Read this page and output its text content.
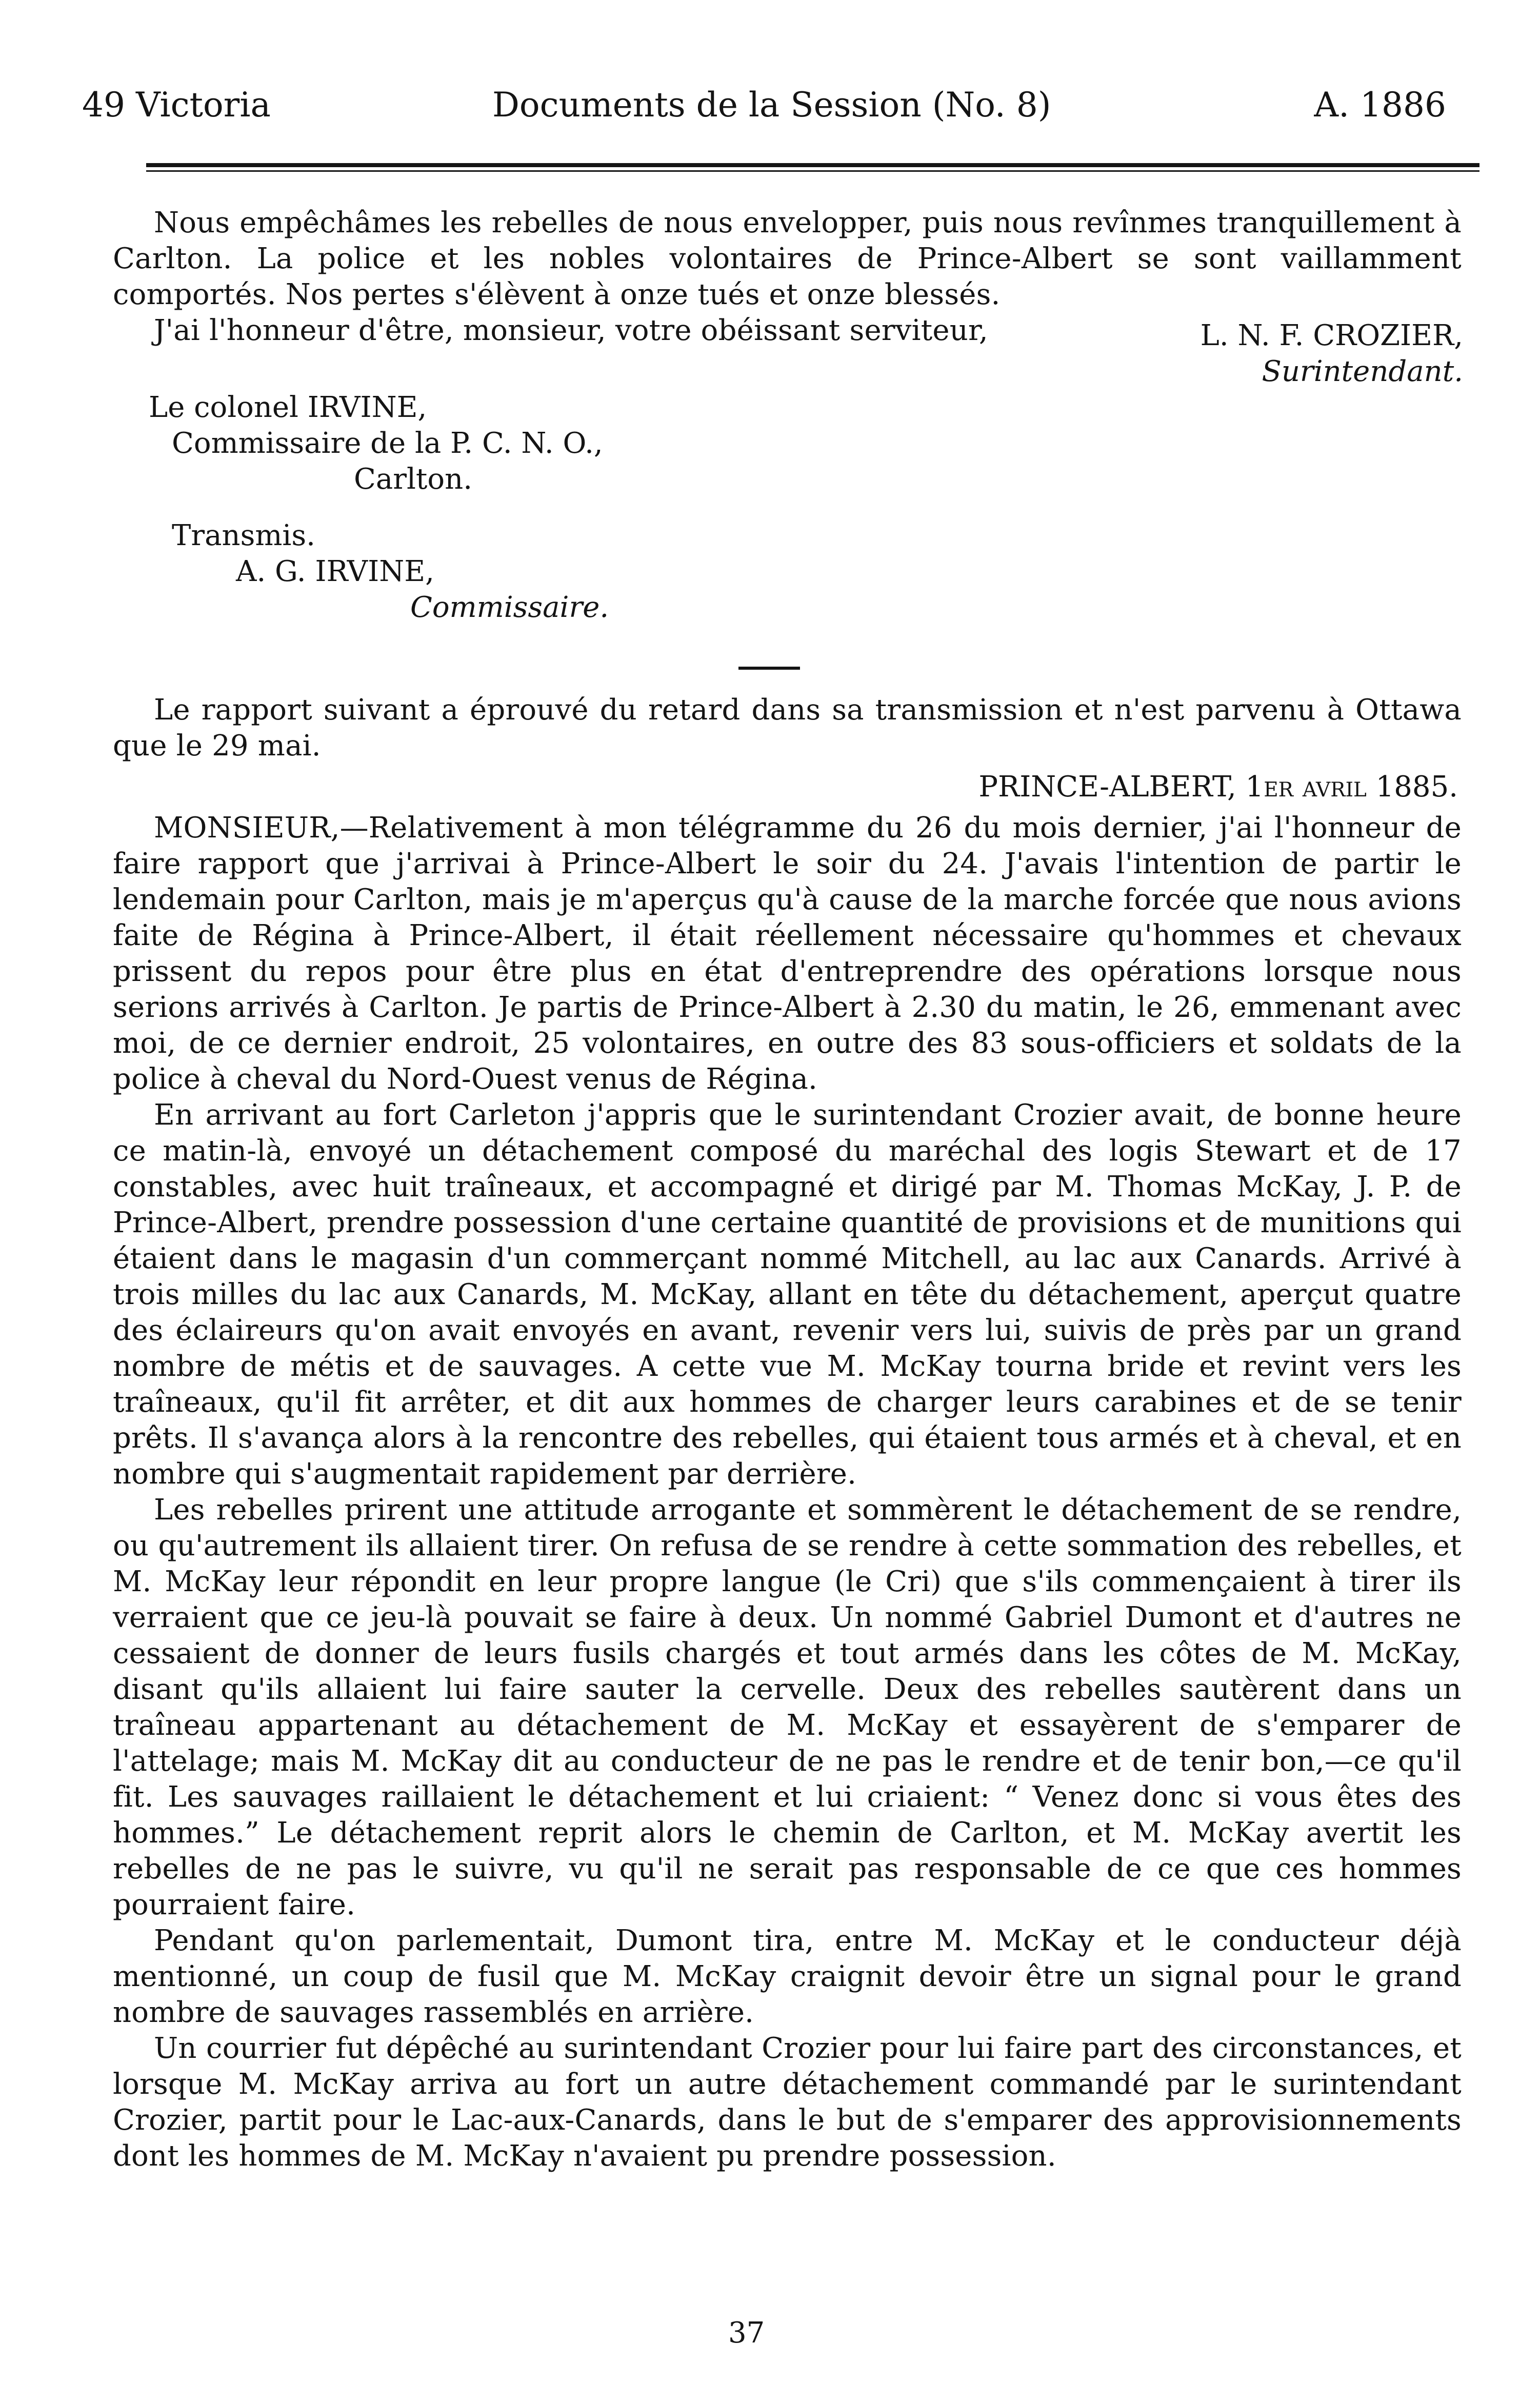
49 Victoria	Documents de la Session (No. 8)	A. 1886

Nous empêchâmes les rebelles de nous envelopper, puis nous revînmes tranquillement à Carlton. La police et les nobles volontaires de Prince-Albert se sont vaillamment comportés. Nos pertes s'élèvent à onze tués et onze blessés.

J'ai l'honneur d'être, monsieur, votre obéissant serviteur,	L. N. F. CROZIER,
Surintendant.
Le colonel IRVINE,
Commissaire de la P. C. N. O.,
Carlton.
Transmis.
A. G. IRVINE,
Commissaire.

Le rapport suivant a éprouvé du retard dans sa transmission et n'est parvenu à Ottawa que le 29 mai.

PRINCE-ALBERT, 1er avril 1885.

MONSIEUR,—Relativement à mon télégramme du 26 du mois dernier, j'ai l'honneur de faire rapport que j'arrivai à Prince-Albert le soir du 24. J'avais l'intention de partir le lendemain pour Carlton, mais je m'aperçus qu'à cause de la marche forcée que nous avions faite de Régina à Prince-Albert, il était réellement nécessaire qu'hommes et chevaux prissent du repos pour être plus en état d'entreprendre des opérations lorsque nous serions arrivés à Carlton. Je partis de Prince-Albert à 2.30 du matin, le 26, emmenant avec moi, de ce dernier endroit, 25 volontaires, en outre des 83 sous-officiers et soldats de la police à cheval du Nord-Ouest venus de Régina.

En arrivant au fort Carleton j'appris que le surintendant Crozier avait, de bonne heure ce matin-là, envoyé un détachement composé du maréchal des logis Stewart et de 17 constables, avec huit traîneaux, et accompagné et dirigé par M. Thomas McKay, J. P. de Prince-Albert, prendre possession d'une certaine quantité de provisions et de munitions qui étaient dans le magasin d'un commerçant nommé Mitchell, au lac aux Canards. Arrivé à trois milles du lac aux Canards, M. McKay, allant en tête du détachement, aperçut quatre des éclaireurs qu'on avait envoyés en avant, revenir vers lui, suivis de près par un grand nombre de métis et de sauvages. A cette vue M. McKay tourna bride et revint vers les traîneaux, qu'il fit arrêter, et dit aux hommes de charger leurs carabines et de se tenir prêts. Il s'avança alors à la rencontre des rebelles, qui étaient tous armés et à cheval, et en nombre qui s'augmentait rapidement par derrière.

Les rebelles prirent une attitude arrogante et sommèrent le détachement de se rendre, ou qu'autrement ils allaient tirer. On refusa de se rendre à cette sommation des rebelles, et M. McKay leur répondit en leur propre langue (le Cri) que s'ils commençaient à tirer ils verraient que ce jeu-là pouvait se faire à deux. Un nommé Gabriel Dumont et d'autres ne cessaient de donner de leurs fusils chargés et tout armés dans les côtes de M. McKay, disant qu'ils allaient lui faire sauter la cervelle. Deux des rebelles sautèrent dans un traîneau appartenant au détachement de M. McKay et essayèrent de s'emparer de l'attelage; mais M. McKay dit au conducteur de ne pas le rendre et de tenir bon,—ce qu'il fit. Les sauvages raillaient le détachement et lui criaient: “ Venez donc si vous êtes des hommes.” Le détachement reprit alors le chemin de Carlton, et M. McKay avertit les rebelles de ne pas le suivre, vu qu'il ne serait pas responsable de ce que ces hommes pourraient faire.

Pendant qu'on parlementait, Dumont tira, entre M. McKay et le conducteur déjà mentionné, un coup de fusil que M. McKay craignit devoir être un signal pour le grand nombre de sauvages rassemblés en arrière.

Un courrier fut dépêché au surintendant Crozier pour lui faire part des circonstances, et lorsque M. McKay arriva au fort un autre détachement commandé par le surintendant Crozier, partit pour le Lac-aux-Canards, dans le but de s'emparer des approvisionnements dont les hommes de M. McKay n'avaient pu prendre possession.

37
